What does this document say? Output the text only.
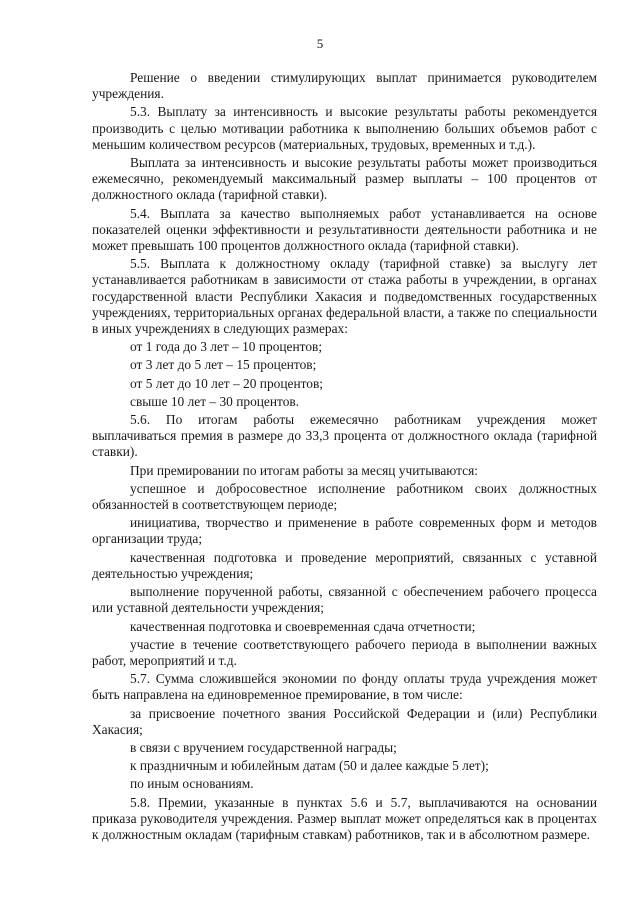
5

Решение о введении стимулирующих выплат принимается руководителем учреждения.

5.3. Выплату за интенсивность и высокие результаты работы рекомендуется производить с целью мотивации работника к выполнению больших объемов работ с меньшим количеством ресурсов (материальных, трудовых, временных и т.д.).

Выплата за интенсивность и высокие результаты работы может производиться ежемесячно, рекомендуемый максимальный размер выплаты – 100 процентов от должностного оклада (тарифной ставки).

5.4. Выплата за качество выполняемых работ устанавливается на основе показателей оценки эффективности и результативности деятельности работника и не может превышать 100 процентов должностного оклада (тарифной ставки).

5.5. Выплата к должностному окладу (тарифной ставке) за выслугу лет устанавливается работникам в зависимости от стажа работы в учреждении, в органах государственной власти Республики Хакасия и подведомственных государственных учреждениях, территориальных органах федеральной власти, а также по специальности в иных учреждениях в следующих размерах:

от 1 года до 3 лет – 10 процентов;

от 3 лет до 5 лет – 15 процентов;

от 5 лет до 10 лет – 20 процентов;

свыше 10 лет – 30 процентов.

5.6. По итогам работы ежемесячно работникам учреждения может выплачиваться премия в размере до 33,3 процента от должностного оклада (тарифной ставки).

При премировании по итогам работы за месяц учитываются:

успешное и добросовестное исполнение работником своих должностных обязанностей в соответствующем периоде;

инициатива, творчество и применение в работе современных форм и методов организации труда;

качественная подготовка и проведение мероприятий, связанных с уставной деятельностью учреждения;

выполнение порученной работы, связанной с обеспечением рабочего процесса или уставной деятельности учреждения;

качественная подготовка и своевременная сдача отчетности;

участие в течение соответствующего рабочего периода в выполнении важных работ, мероприятий и т.д.

5.7. Сумма сложившейся экономии по фонду оплаты труда учреждения может быть направлена на единовременное премирование, в том числе:

за присвоение почетного звания Российской Федерации и (или) Республики Хакасия;

в связи с вручением государственной награды;

к праздничным и юбилейным датам (50 и далее каждые 5 лет);

по иным основаниям.

5.8. Премии, указанные в пунктах 5.6 и 5.7, выплачиваются на основании приказа руководителя учреждения. Размер выплат может определяться как в процентах к должностным окладам (тарифным ставкам) работников, так и в абсолютном размере.
